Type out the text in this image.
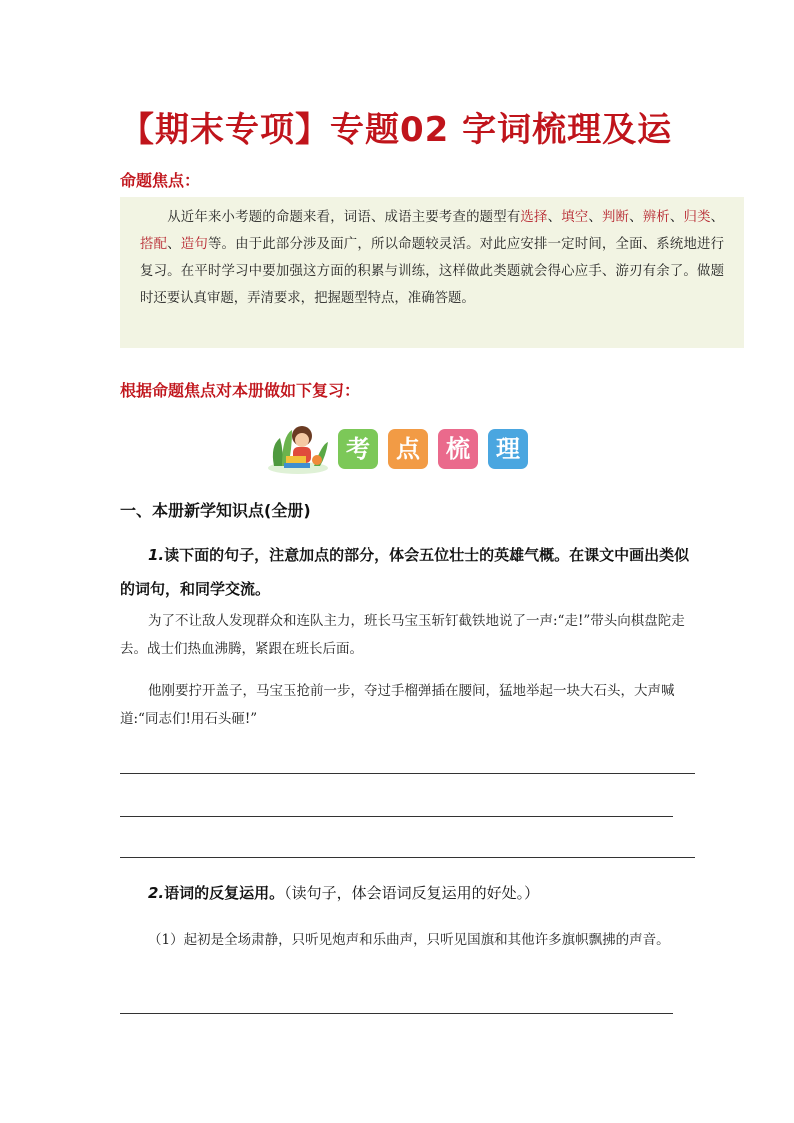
【期末专项】专题02 字词梳理及运
命题焦点：
从近年来小考题的命题来看，词语、成语主要考查的题型有选择、填空、判断、辨析、归类、搭配、造句等。由于此部分涉及面广，所以命题较灵活。对此应安排一定时间，全面、系统地进行复习。在平时学习中要加强这方面的积累与训练，这样做此类题就会得心应手、游刃有余了。做题时还要认真审题，弄清要求，把握题型特点，准确答题。
根据命题焦点对本册做如下复习：
考	点	梳	理
一、本册新学知识点(全册)
1.读下面的句子，注意加点的部分，体会五位壮士的英雄气概。在课文中画出类似的词句，和同学交流。
为了不让敌人发现群众和连队主力，班长马宝玉斩钉截铁地说了一声:“走!”带头向棋盘陀走去。战士们热血沸腾，紧跟在班长后面。
他刚要拧开盖子，马宝玉抢前一步，夺过手榴弹插在腰间，猛地举起一块大石头，大声喊道:“同志们!用石头砸!”
2.语词的反复运用。（读句子，体会语词反复运用的好处。）
（1）起初是全场肃静，只听见炮声和乐曲声，只听见国旗和其他许多旗帜飘拂的声音。
